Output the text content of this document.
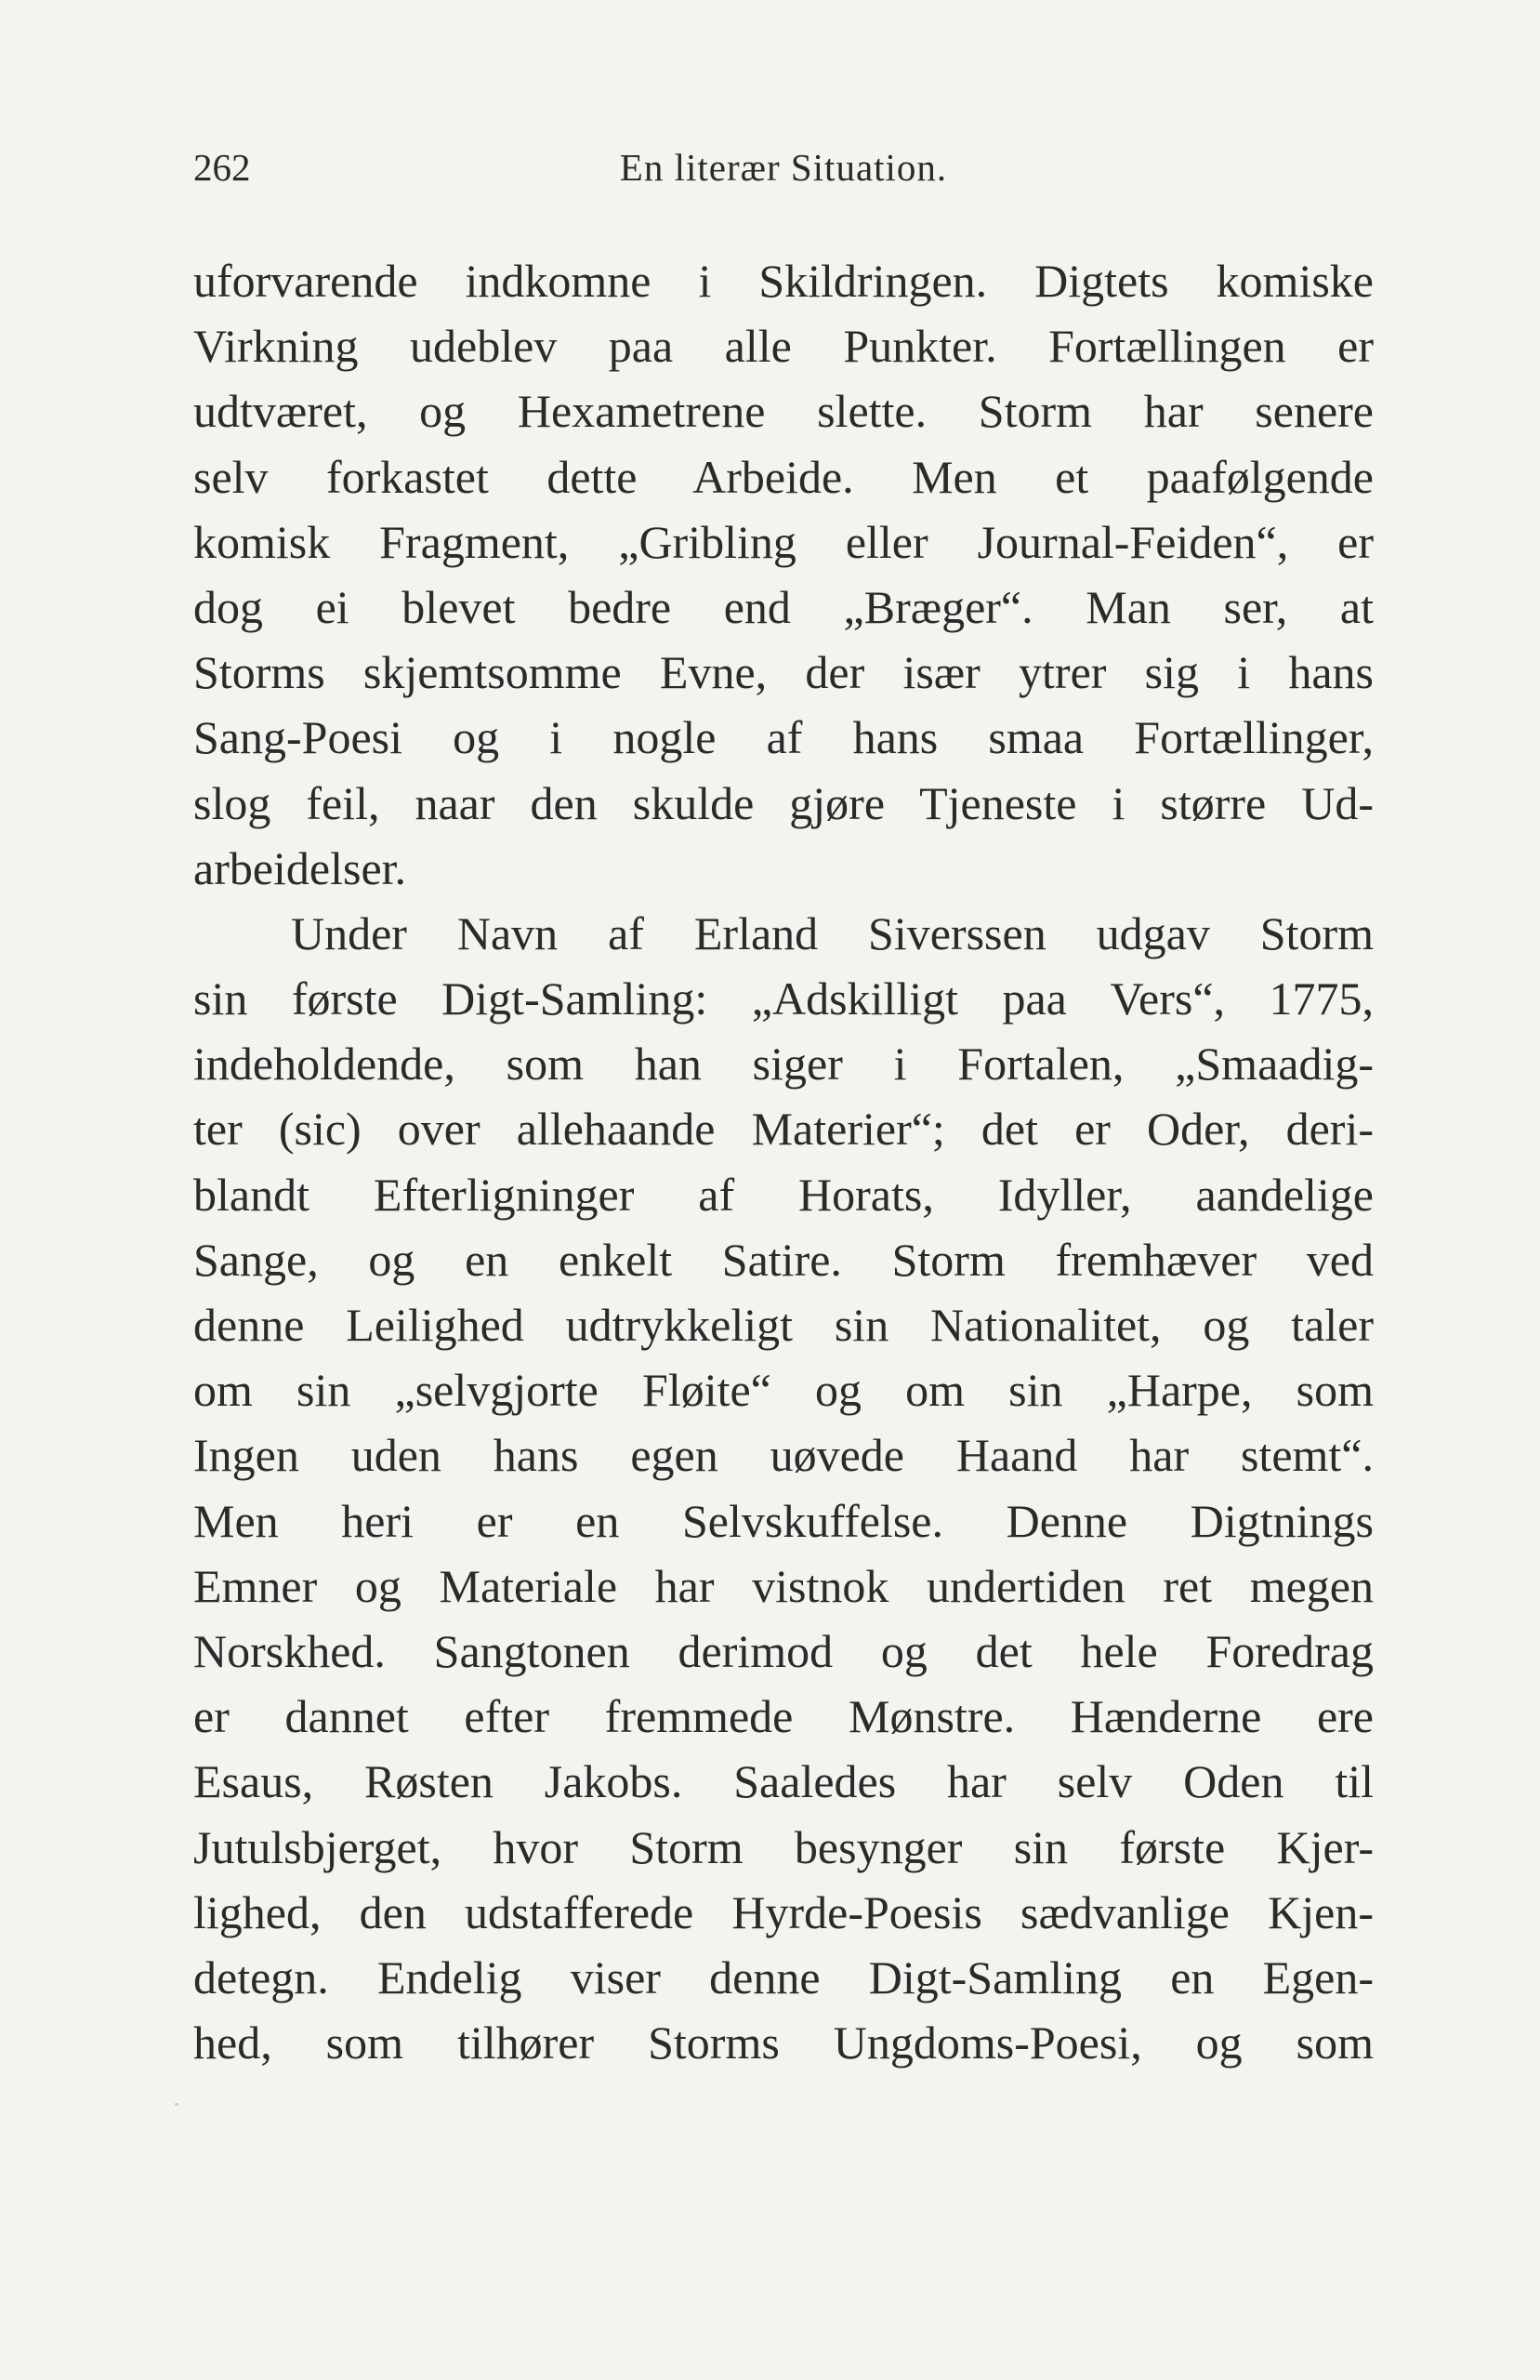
262	En literær Situation.
uforvarende indkomne i Skildringen. Digtets komiske
Virkning udeblev paa alle Punkter. Fortællingen er
udtværet, og Hexametrene slette. Storm har senere
selv forkastet dette Arbeide. Men et paafølgende
komisk Fragment, „Gribling eller Journal-Feiden“, er
dog ei blevet bedre end „Bræger“. Man ser, at
Storms skjemtsomme Evne, der især ytrer sig i hans
Sang-Poesi og i nogle af hans smaa Fortællinger,
slog feil, naar den skulde gjøre Tjeneste i større Ud-
arbeidelser.
Under Navn af Erland Siverssen udgav Storm
sin første Digt-Samling: „Adskilligt paa Vers“, 1775,
indeholdende, som han siger i Fortalen, „Smaadig-
ter (sic) over allehaande Materier“; det er Oder, deri-
blandt Efterligninger af Horats, Idyller, aandelige
Sange, og en enkelt Satire. Storm fremhæver ved
denne Leilighed udtrykkeligt sin Nationalitet, og taler
om sin „selvgjorte Fløite“ og om sin „Harpe, som
Ingen uden hans egen uøvede Haand har stemt“.
Men heri er en Selvskuffelse. Denne Digtnings
Emner og Materiale har vistnok undertiden ret megen
Norskhed. Sangtonen derimod og det hele Foredrag
er dannet efter fremmede Mønstre. Hænderne ere
Esaus, Røsten Jakobs. Saaledes har selv Oden til
Jutulsbjerget, hvor Storm besynger sin første Kjer-
lighed, den udstafferede Hyrde-Poesis sædvanlige Kjen-
detegn. Endelig viser denne Digt-Samling en Egen-
hed, som tilhører Storms Ungdoms-Poesi, og som
